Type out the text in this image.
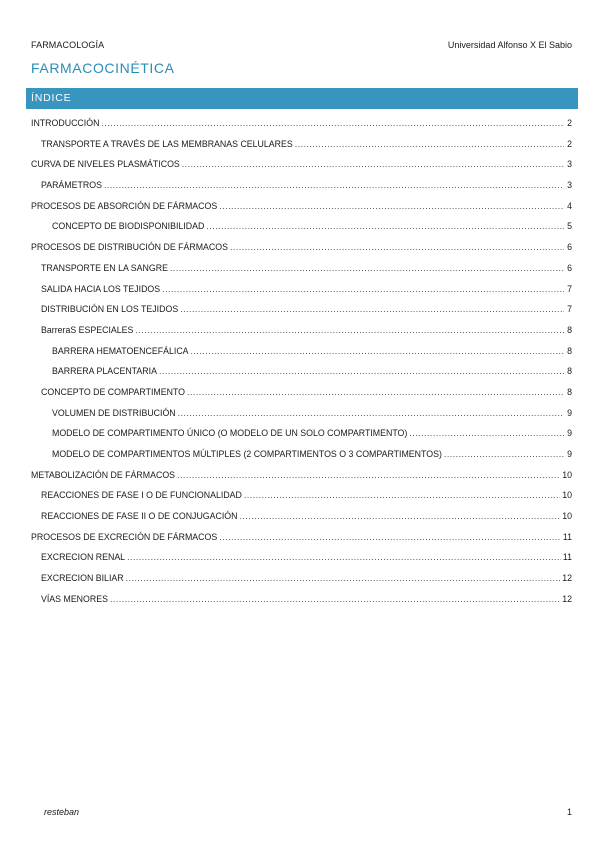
FARMACOLOGÍA	Universidad Alfonso X El Sabio
FARMACOCINÉTICA
ÍNDICE
INTRODUCCIÓN .....	2
TRANSPORTE A TRAVÉS DE LAS MEMBRANAS CELULARES .....	2
CURVA DE NIVELES PLASMÁTICOS .....	3
PARÁMETROS .....	3
PROCESOS DE ABSORCIÓN DE FÁRMACOS .....	4
CONCEPTO DE BIODISPONIBILIDAD .....	5
PROCESOS DE DISTRIBUCIÓN DE FÁRMACOS .....	6
TRANSPORTE EN LA SANGRE .....	6
SALIDA HACIA LOS TEJIDOS .....	7
DISTRIBUCIÓN EN LOS TEJIDOS .....	7
BarreraS ESPECIALES .....	8
BARRERA HEMATOENCEFÁLICA .....	8
BARRERA PLACENTARIA .....	8
CONCEPTO DE COMPARTIMENTO .....	8
VOLUMEN DE DISTRIBUCIÓN .....	9
MODELO DE COMPARTIMENTO ÚNICO (O MODELO DE UN SOLO COMPARTIMENTO) .....	9
MODELO DE COMPARTIMENTOS MÚLTIPLES (2 COMPARTIMENTOS O 3 COMPARTIMENTOS) .....	9
METABOLIZACIÓN DE FÁRMACOS .....	10
REACCIONES DE FASE I O DE FUNCIONALIDAD .....	10
REACCIONES DE FASE II O DE CONJUGACIÓN .....	10
PROCESOS DE EXCRECIÓN DE FÁRMACOS .....	11
EXCRECION RENAL .....	11
EXCRECION BILIAR .....	12
VÍAS MENORES .....	12
resteban	1
